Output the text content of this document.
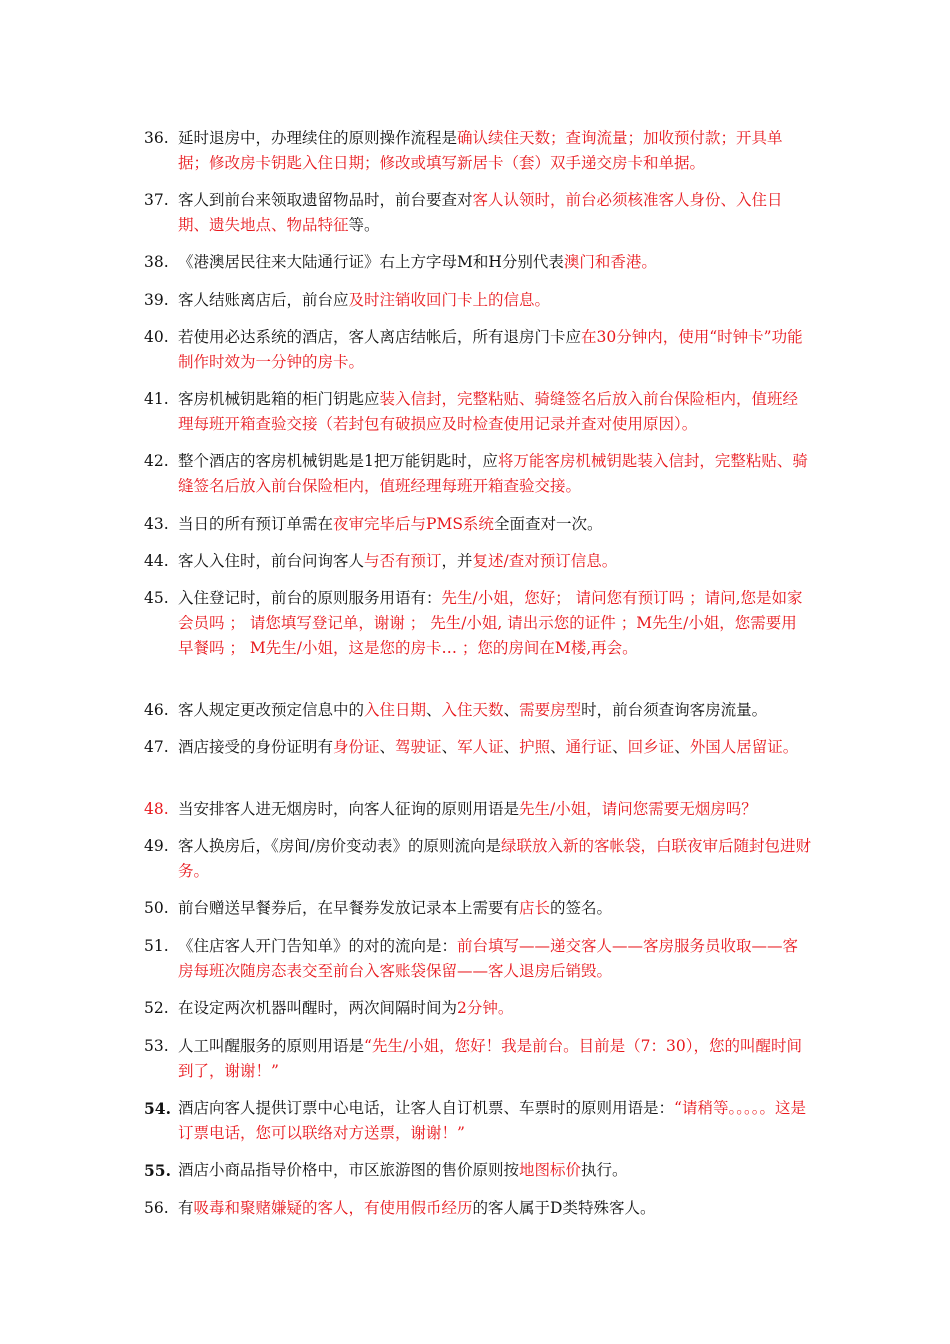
36. 延时退房中，办理续住的原则操作流程是确认续住天数；查询流量；加收预付款；开具单据；修改房卡钥匙入住日期；修改或填写新居卡（套）双手递交房卡和单据。
37. 客人到前台来领取遗留物品时，前台要查对客人认领时，前台必须核准客人身份、入住日期、遗失地点、物品特征等。
38. 《港澳居民往来大陆通行证》右上方字母M和H分别代表澳门和香港。
39. 客人结账离店后，前台应及时注销收回门卡上的信息。
40. 若使用必达系统的酒店，客人离店结帐后，所有退房门卡应在30分钟内，使用“时钟卡”功能制作时效为一分钟的房卡。
41. 客房机械钥匙箱的柜门钥匙应装入信封，完整粘贴、骑缝签名后放入前台保险柜内，值班经理每班开箱查验交接（若封包有破损应及时检查使用记录并查对使用原因）。
42. 整个酒店的客房机械钥匙是1把万能钥匙时，应将万能客房机械钥匙装入信封，完整粘贴、骑缝签名后放入前台保险柜内，值班经理每班开箱查验交接。
43. 当日的所有预订单需在夜审完毕后与PMS系统全面查对一次。
44. 客人入住时，前台问询客人与否有预订，并复述/查对预订信息。
45. 入住登记时，前台的原则服务用语有：先生/小姐，您好； 请问您有预订吗 ；请问,您是如家会员吗 ； 请您填写登记单，谢谢 ； 先生/小姐, 请出示您的证件 ；M先生/小姐，您需要用早餐吗 ； M先生/小姐，这是您的房卡… ；您的房间在M楼,再会。
46. 客人规定更改预定信息中的入住日期、入住天数、需要房型时，前台须查询客房流量。
47. 酒店接受的身份证明有身份证、驾驶证、军人证、护照、通行证、回乡证、外国人居留证。
48. 当安排客人进无烟房时，向客人征询的原则用语是先生/小姐，请问您需要无烟房吗？
49. 客人换房后，《房间/房价变动表》的原则流向是绿联放入新的客帐袋，白联夜审后随封包进财务。
50. 前台赠送早餐券后，在早餐券发放记录本上需要有店长的签名。
51. 《住店客人开门告知单》的对的流向是：前台填写——递交客人——客房服务员收取——客房每班次随房态表交至前台入客账袋保留——客人退房后销毁。
52. 在设定两次机器叫醒时，两次间隔时间为2分钟。
53. 人工叫醒服务的原则用语是“先生/小姐，您好！我是前台。目前是（7：30），您的叫醒时间到了，谢谢！”
54. 酒店向客人提供订票中心电话，让客人自订机票、车票时的原则用语是：“请稍等。。。。。这是订票电话，您可以联络对方送票，谢谢！”
55. 酒店小商品指导价格中，市区旅游图的售价原则按地图标价执行。
56. 有吸毒和聚赌嫌疑的客人，有使用假币经历的客人属于D类特殊客人。
